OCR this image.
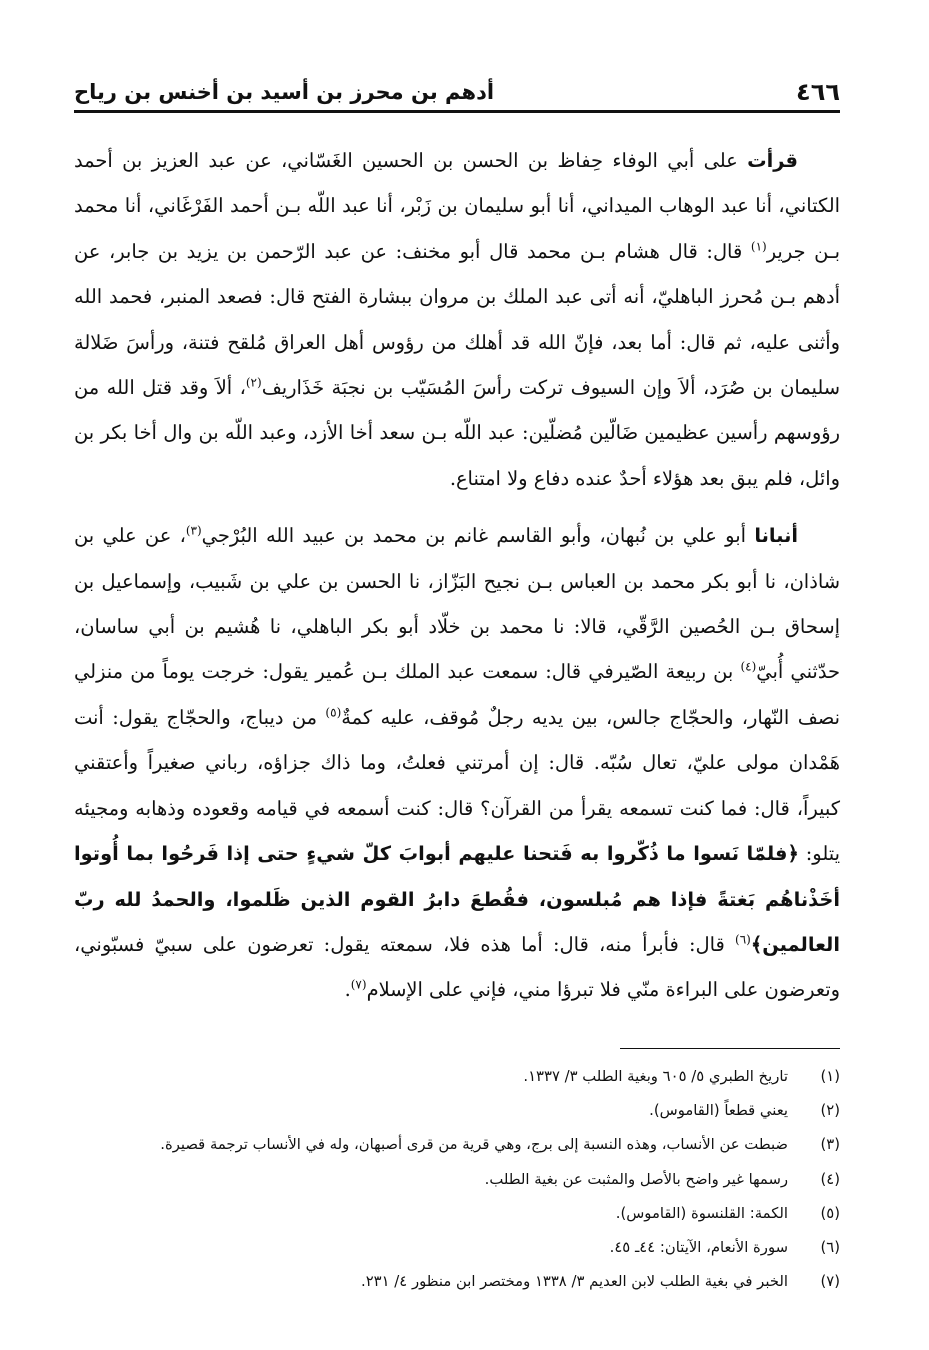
٤٦٦
أدهم بن محرز بن أسيد بن أخنس بن رياح

قرأت على أبي الوفاء حِفاظ بن الحسن بن الحسين الغَسّاني، عن عبد العزيز بن أحمد الكتاني، أنا عبد الوهاب الميداني، أنا أبو سليمان بن زَبْر، أنا عبد اللّه بـن أحمد الفَرْغَاني، أنا محمد بـن جرير$^{(١)}$ قال: قال هشام بـن محمد قال أبو مخنف: عن عبد الرّحمن بن يزيد بن جابر، عن أدهم بـن مُحرز الباهليّ، أنه أتى عبد الملك بن مروان ببشارة الفتح قال: فصعد المنبر، فحمد الله وأثنى عليه، ثم قال: أما بعد، فإنّ الله قد أهلك من رؤوس أهل العراق مُلقح فتنة، ورأسَ ضَلالة سليمان بن صُرَد، ألاَ وإن السيوف تركت رأسَ المُسَيّب بن نجبَة خَذَاريف$^{(٢)}$، ألاَ وقد قتل الله من رؤوسهم رأسين عظيمين ضَالّين مُضلّين: عبد اللّه بـن سعد أخا الأزد، وعبد اللّه بن وال أخا بكر بن وائل، فلم يبق بعد هؤلاء أحدٌ عنده دفاع ولا امتناع.

أنبانا أبو علي بن نُبهان، وأبو القاسم غانم بن محمد بن عبيد الله البُرْجي$^{(٣)}$، عن علي بن شاذان، نا أبو بكر محمد بن العباس بـن نجيح البَزّاز، نا الحسن بن علي بن شَبيب، وإسماعيل بن إسحاق بـن الحُصين الرَّقّي، قالا: نا محمد بن خلّاد أبو بكر الباهلي، نا هُشيم بن أبي ساسان، حدّثني أُبيّ$^{(٤)}$ بن ربيعة الصّيرفي قال: سمعت عبد الملك بـن عُمير يقول: خرجت يوماً من منزلي نصف النّهار، والحجّاج جالس، بين يديه رجلٌ مُوقف، عليه كمةٌ$^{(٥)}$ من ديباج، والحجّاج يقول: أنت هَمْدان مولى عليّ، تعال سُبّه. قال: إن أمرتني فعلتُ، وما ذاك جزاؤه، رباني صغيراً وأعتقني كبيراً، قال: فما كنت تسمعه يقرأ من القرآن؟ قال: كنت أسمعه في قيامه وقعوده وذهابه ومجيئه يتلو: ﴿فلمّا نَسوا ما ذُكّروا به فَتحنا عليهم أبوابَ كلّ شيءٍ حتى إذا فَرحُوا بما أُوتوا أخَذْناهُم بَغتةً فإذا هم مُبلسون، فقُطعَ دابرُ القوم الذين ظَلموا، والحمدُ لله ربّ العالمين﴾$^{(٦)}$ قال: فأبرأ منه، قال: أما هذه فلا، سمعته يقول: تعرضون على سبيّ فسبّوني، وتعرضون على البراءة منّي فلا تبرؤا مني، فإني على الإسلام$^{(٧)}$.

(١)
تاريخ الطبري ٥/ ٦٠٥ وبغية الطلب ٣/ ١٣٣٧.
(٢)
يعني قطعاً (القاموس).
(٣)
ضبطت عن الأنساب، وهذه النسبة إلى برج، وهي قرية من قرى أصبهان، وله في الأنساب ترجمة قصيرة.
(٤)
رسمها غير واضح بالأصل والمثبت عن بغية الطلب.
(٥)
الكمة: القلنسوة (القاموس).
(٦)
سورة الأنعام، الآيتان: ٤٤ـ ٤٥.
(٧)
الخبر في بغية الطلب لابن العديم ٣/ ١٣٣٨ ومختصر ابن منظور ٤/ ٢٣١.
